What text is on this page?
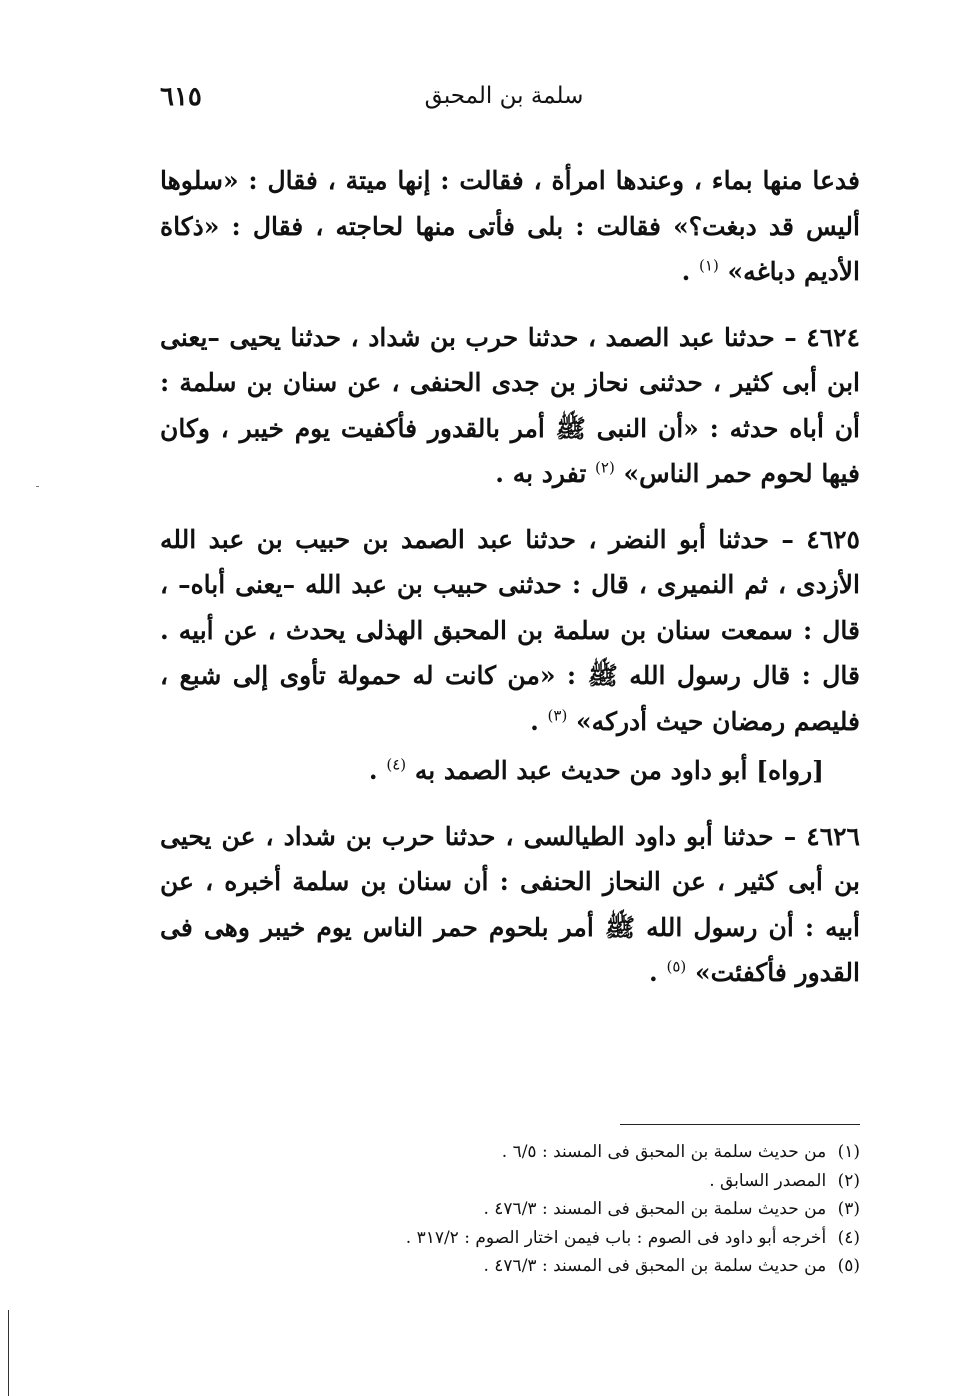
سلمة بن المحبق
٦١٥

فدعا منها بماء ، وعندها امرأة ، فقالت : إنها ميتة ، فقال : «سلوها أليس قد دبغت؟» فقالت : بلى فأتى منها لحاجته ، فقال : «ذكاة الأديم دباغه» $^{(١)}$ .

٤٦٢٤ – حدثنا عبد الصمد ، حدثنا حرب بن شداد ، حدثنا يحيى –يعنى ابن أبى كثير ، حدثنى نحاز بن جدى الحنفى ، عن سنان بن سلمة : أن أباه حدثه : «أن النبى ﷺ أمر بالقدور فأكفيت يوم خيبر ، وكان فيها لحوم حمر الناس» $^{(٢)}$ تفرد به .

٤٦٢٥ – حدثنا أبو النضر ، حدثنا عبد الصمد بن حبيب بن عبد الله الأزدى ، ثم النميرى ، قال : حدثنى حبيب بن عبد الله –يعنى أباه– ، قال : سمعت سنان بن سلمة بن المحبق الهذلى يحدث ، عن أبيه . قال : قال رسول الله ﷺ : «من كانت له حمولة تأوى إلى شبع ، فليصم رمضان حيث أدركه» $^{(٣)}$ .

[رواه] أبو داود من حديث عبد الصمد به $^{(٤)}$ .

٤٦٢٦ – حدثنا أبو داود الطيالسى ، حدثنا حرب بن شداد ، عن يحيى بن أبى كثير ، عن النحاز الحنفى : أن سنان بن سلمة أخبره ، عن أبيه : أن رسول الله ﷺ أمر بلحوم حمر الناس يوم خيبر وهى فى القدور فأكفئت» $^{(٥)}$ .

(١) من حديث سلمة بن المحبق فى المسند : ٦/٥ .

(٢) المصدر السابق .

(٣) من حديث سلمة بن المحبق فى المسند : ٤٧٦/٣ .

(٤) أخرجه أبو داود فى الصوم : باب فيمن اختار الصوم : ٣١٧/٢ .

(٥) من حديث سلمة بن المحبق فى المسند : ٤٧٦/٣ .
